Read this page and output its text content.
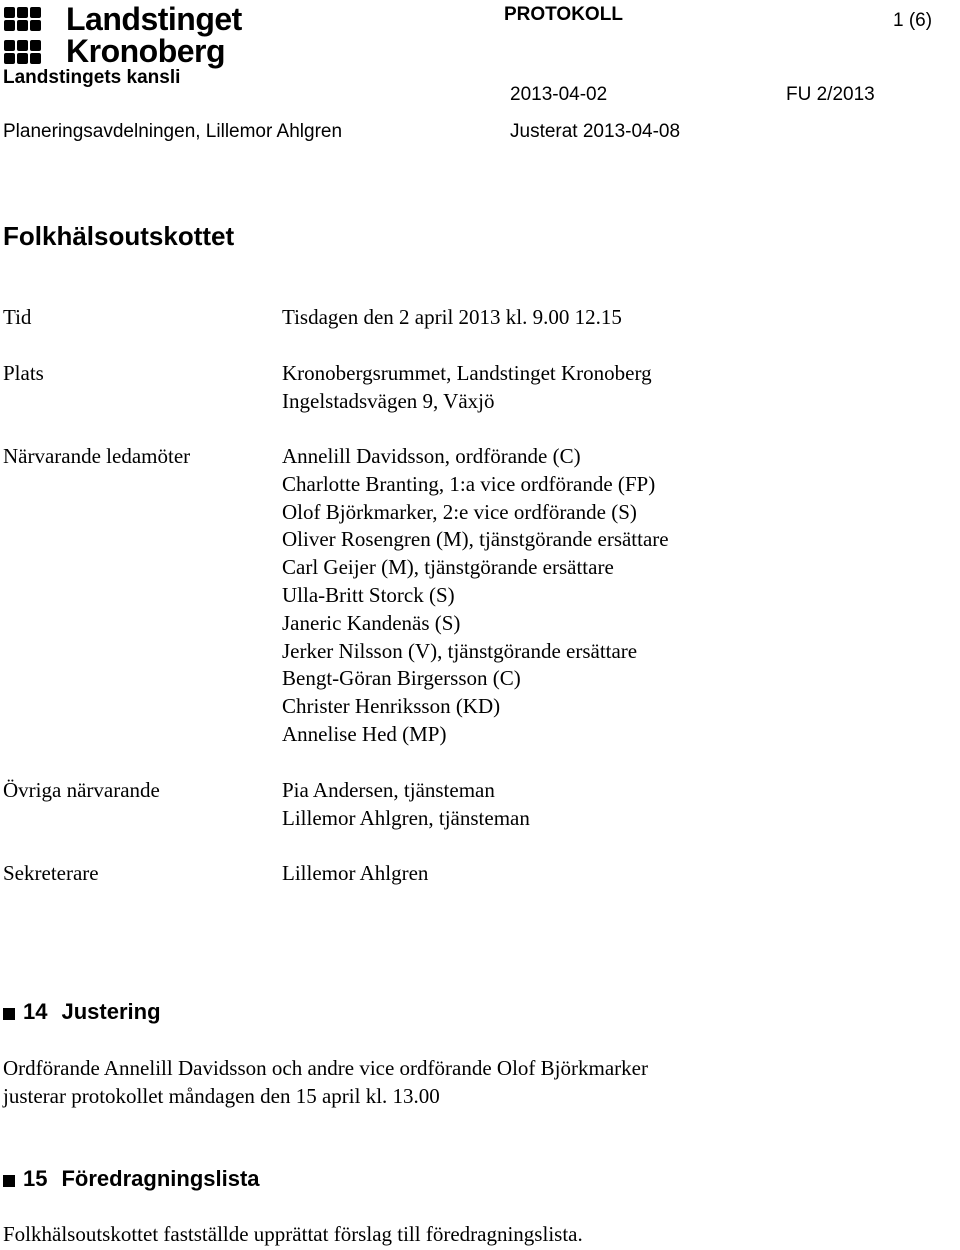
Landstinget
Kronoberg
PROTOKOLL	1 (6)
Landstingets kansli
2013-04-02	FU 2/2013
Planeringsavdelningen, Lillemor Ahlgren	Justerat 2013-04-08
Folkhälsoutskottet
Tid	Tisdagen den 2 april 2013 kl. 9.00 12.15
Plats	Kronobergsrummet, Landstinget Kronoberg
Ingelstadsvägen 9, Växjö
Närvarande ledamöter	Annelill Davidsson, ordförande (C)
Charlotte Branting, 1:a vice ordförande (FP)
Olof Björkmarker, 2:e vice ordförande (S)
Oliver Rosengren (M), tjänstgörande ersättare
Carl Geijer (M), tjänstgörande ersättare
Ulla-Britt Storck (S)
Janeric Kandenäs (S)
Jerker Nilsson (V), tjänstgörande ersättare
Bengt-Göran Birgersson (C)
Christer Henriksson (KD)
Annelise Hed (MP)
Övriga närvarande	Pia Andersen, tjänsteman
Lillemor Ahlgren, tjänsteman
Sekreterare	Lillemor Ahlgren
14 Justering
Ordförande Annelill Davidsson och andre vice ordförande Olof Björkmarker
justerar protokollet måndagen den 15 april kl. 13.00
15 Föredragningslista
Folkhälsoutskottet fastställde upprättat förslag till föredragningslista.
